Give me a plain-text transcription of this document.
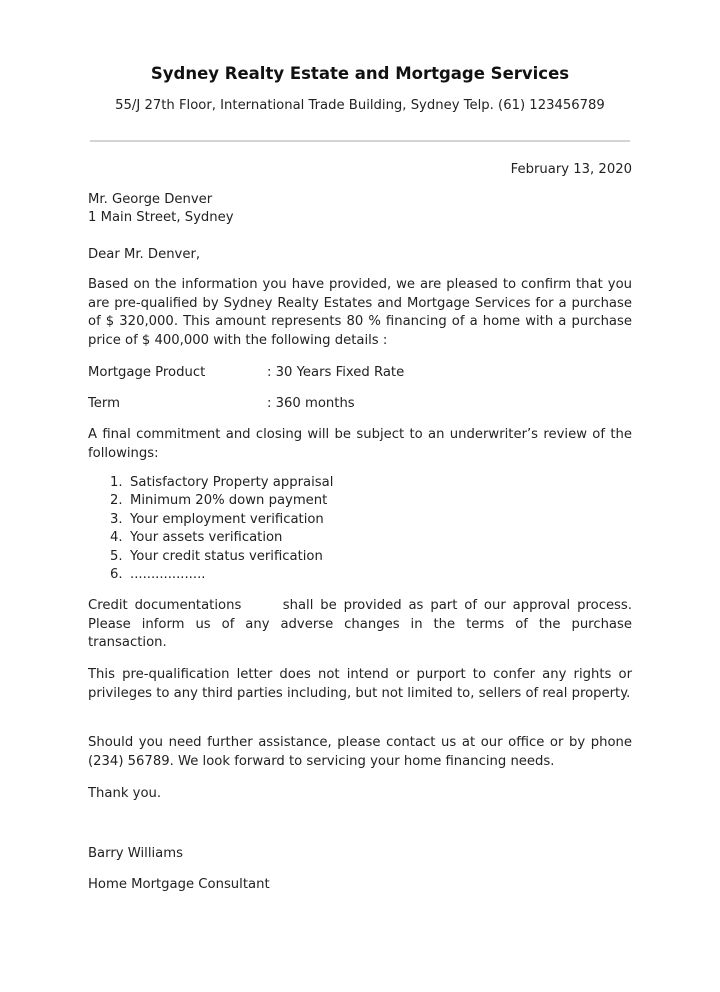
Sydney Realty Estate and Mortgage Services
55/J 27th Floor, International Trade Building, Sydney Telp. (61) 123456789
February 13, 2020
Mr. George Denver
1 Main Street, Sydney
Dear Mr. Denver,
Based on the information you have provided, we are pleased to confirm that you are pre-qualified by Sydney Realty Estates and Mortgage Services for a purchase of $ 320,000. This amount represents 80 % financing of a home with a purchase price of $ 400,000 with the following details :
Mortgage Product	: 30 Years Fixed Rate
Term	: 360 months
A final commitment and closing will be subject to an underwriter’s review of the followings:
1. Satisfactory Property appraisal
2. Minimum 20% down payment
3. Your employment verification
4. Your assets verification
5. Your credit status verification
6. ..................
Credit documentations      shall be provided as part of our approval process. Please inform us of any adverse changes in the terms of the purchase transaction.
This pre-qualification letter does not intend or purport to confer any rights or privileges to any third parties including, but not limited to, sellers of real property.
Should you need further assistance, please contact us at our office or by phone (234) 56789. We look forward to servicing your home financing needs.
Thank you.
Barry Williams
Home Mortgage Consultant
